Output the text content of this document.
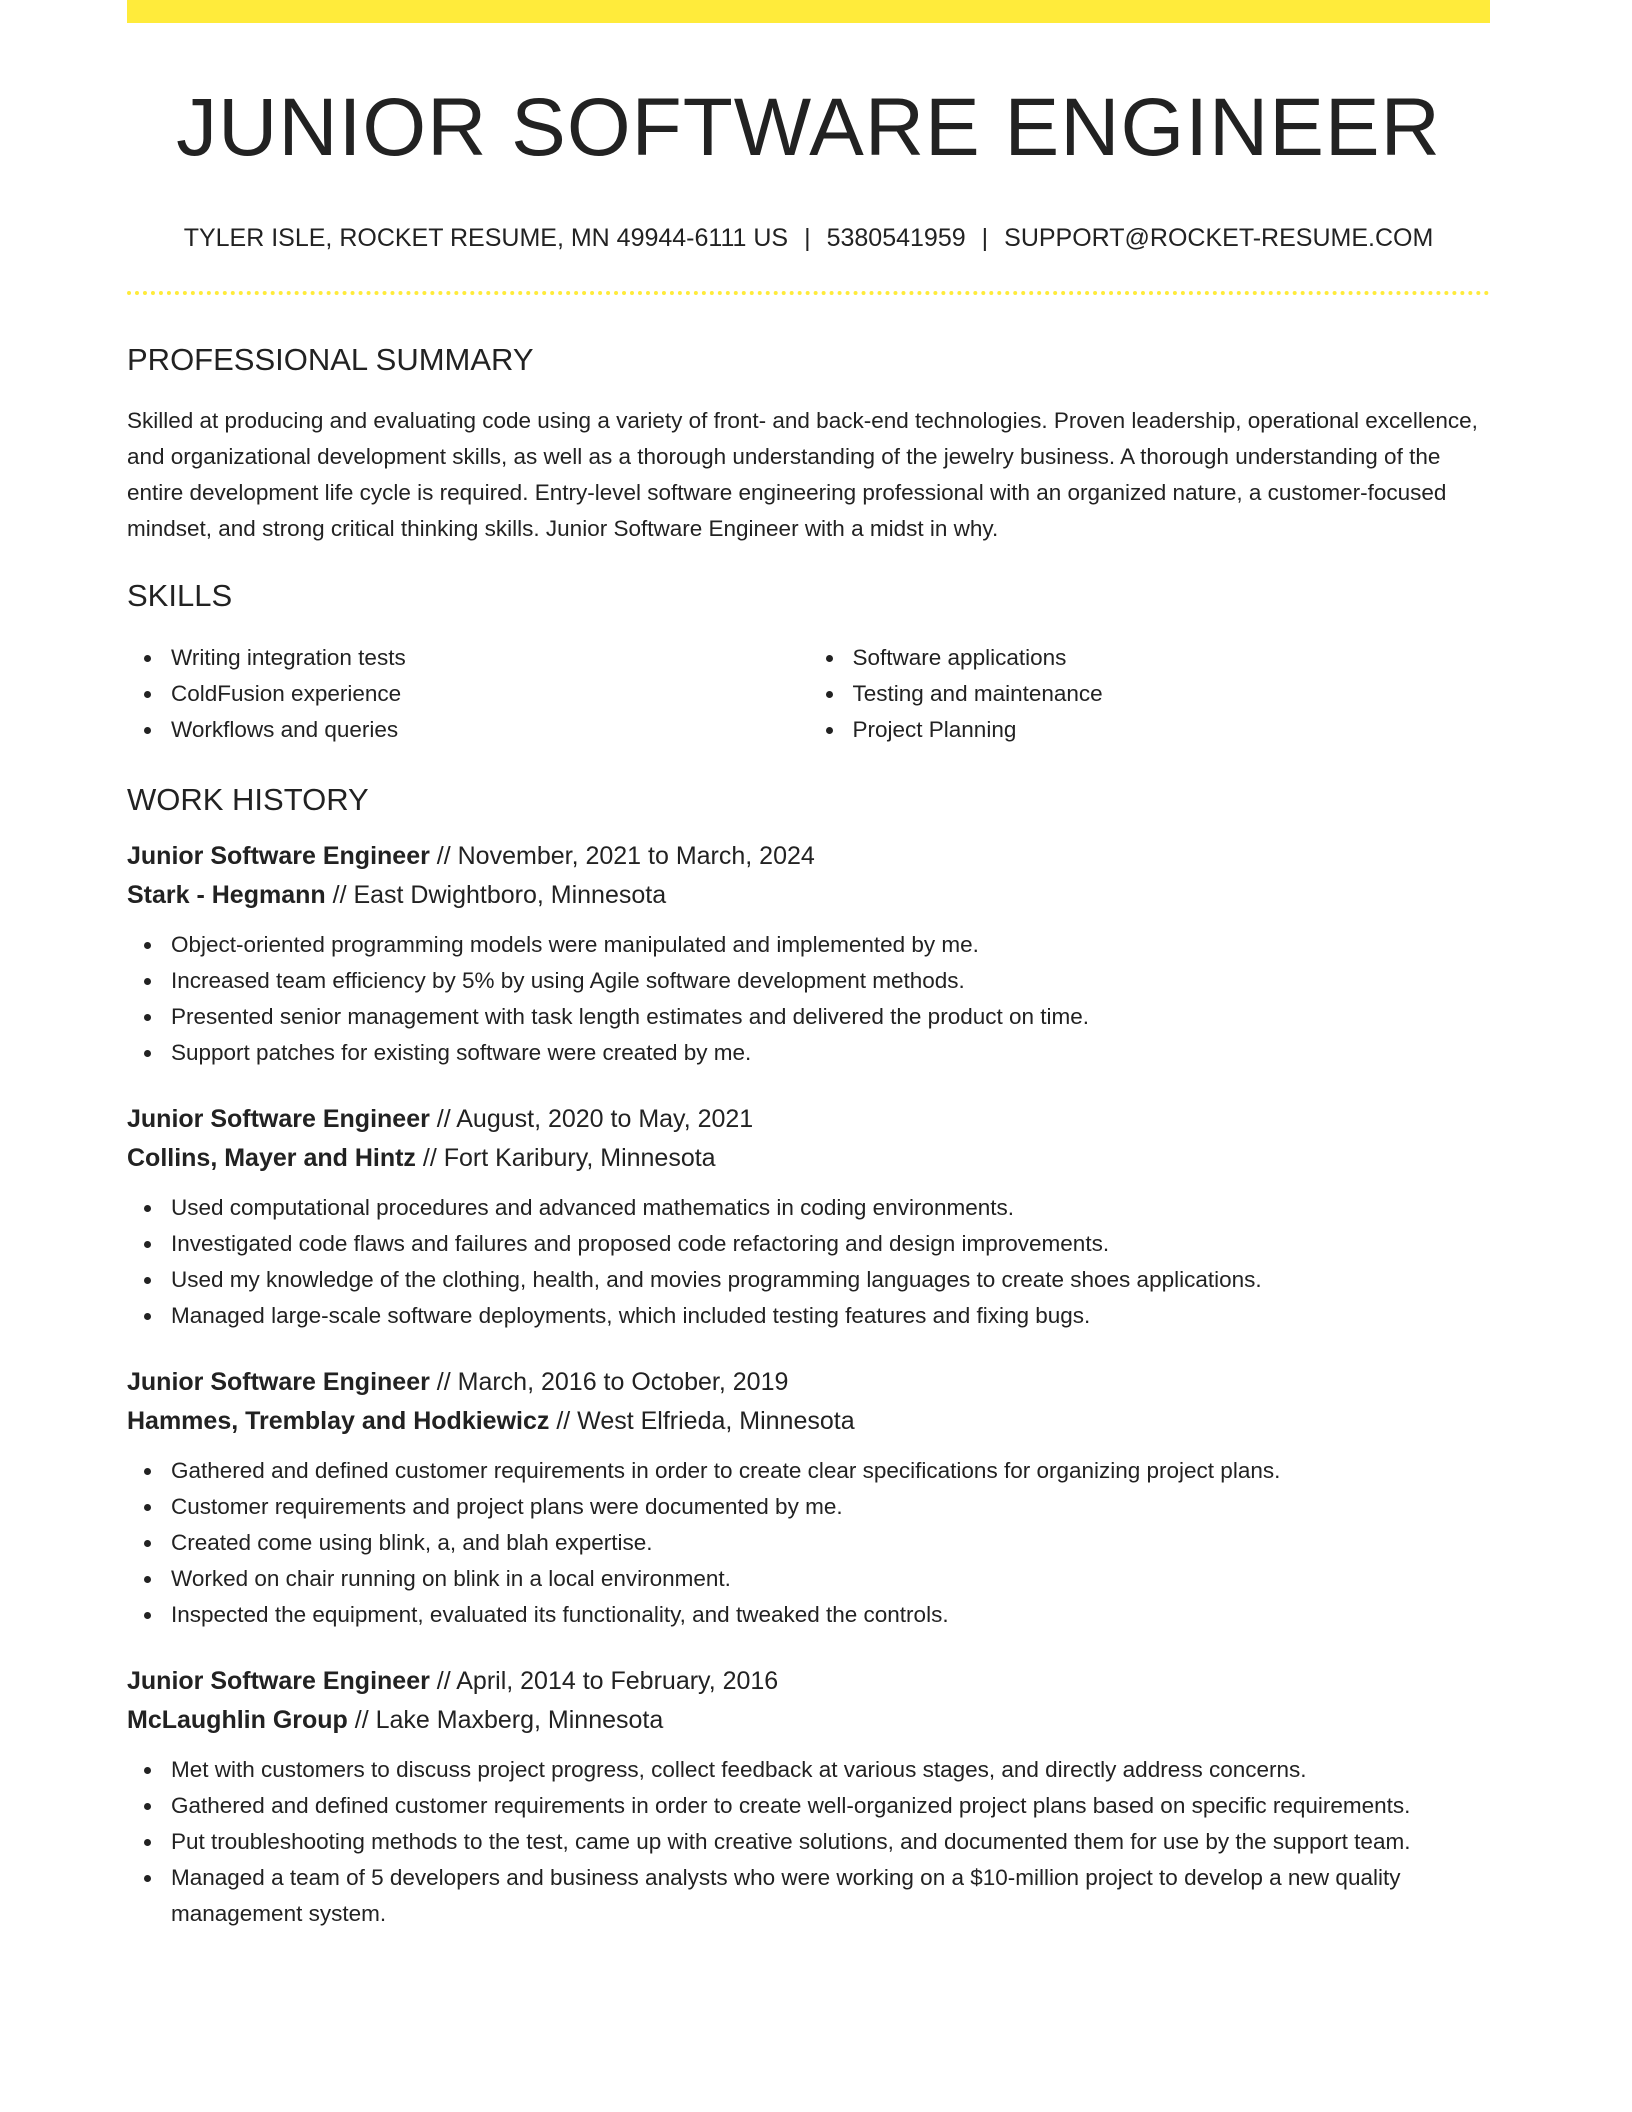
JUNIOR SOFTWARE ENGINEER
TYLER ISLE, ROCKET RESUME, MN 49944-6111 US | 5380541959 | SUPPORT@ROCKET-RESUME.COM
PROFESSIONAL SUMMARY

Skilled at producing and evaluating code using a variety of front- and back-end technologies. Proven leadership, operational excellence, and organizational development skills, as well as a thorough understanding of the jewelry business. A thorough understanding of the entire development life cycle is required. Entry-level software engineering professional with an organized nature, a customer-focused mindset, and strong critical thinking skills. Junior Software Engineer with a midst in why.

SKILLS
Writing integration tests
ColdFusion experience
Workflows and queries
Software applications
Testing and maintenance
Project Planning
WORK HISTORY
Junior Software Engineer // November, 2021 to March, 2024
Stark - Hegmann // East Dwightboro, Minnesota
Object-oriented programming models were manipulated and implemented by me.
Increased team efficiency by 5% by using Agile software development methods.
Presented senior management with task length estimates and delivered the product on time.
Support patches for existing software were created by me.
Junior Software Engineer // August, 2020 to May, 2021
Collins, Mayer and Hintz // Fort Karibury, Minnesota
Used computational procedures and advanced mathematics in coding environments.
Investigated code flaws and failures and proposed code refactoring and design improvements.
Used my knowledge of the clothing, health, and movies programming languages to create shoes applications.
Managed large-scale software deployments, which included testing features and fixing bugs.
Junior Software Engineer // March, 2016 to October, 2019
Hammes, Tremblay and Hodkiewicz // West Elfrieda, Minnesota
Gathered and defined customer requirements in order to create clear specifications for organizing project plans.
Customer requirements and project plans were documented by me.
Created come using blink, a, and blah expertise.
Worked on chair running on blink in a local environment.
Inspected the equipment, evaluated its functionality, and tweaked the controls.
Junior Software Engineer // April, 2014 to February, 2016
McLaughlin Group // Lake Maxberg, Minnesota
Met with customers to discuss project progress, collect feedback at various stages, and directly address concerns.
Gathered and defined customer requirements in order to create well-organized project plans based on specific requirements.
Put troubleshooting methods to the test, came up with creative solutions, and documented them for use by the support team.
Managed a team of 5 developers and business analysts who were working on a $10-million project to develop a new quality management system.
